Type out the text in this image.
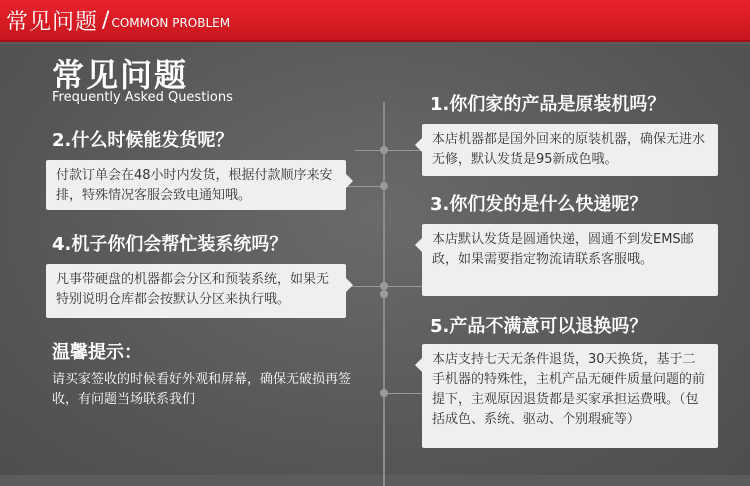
常见问题 / COMMON PROBLEM
常见问题
Frequently Asked Questions
2.什么时候能发货呢？
付款订单会在48小时内发货，根据付款顺序来安排，特殊情况客服会致电通知哦。
4.机子你们会帮忙装系统吗？
凡事带硬盘的机器都会分区和预装系统，如果无特别说明仓库都会按默认分区来执行哦。
温馨提示：
请买家签收的时候看好外观和屏幕，确保无破损再签收，有问题当场联系我们
1.你们家的产品是原装机吗？
本店机器都是国外回来的原装机器，确保无进水无修，默认发货是95新成色哦。
3.你们发的是什么快递呢？
本店默认发货是圆通快递，圆通不到发EMS邮政，如果需要指定物流请联系客服哦。
5.产品不满意可以退换吗？
本店支持七天无条件退货，30天换货，基于二手机器的特殊性，主机产品无硬件质量问题的前提下，主观原因退货都是买家承担运费哦。（包括成色、系统、驱动、个别瑕疵等）
